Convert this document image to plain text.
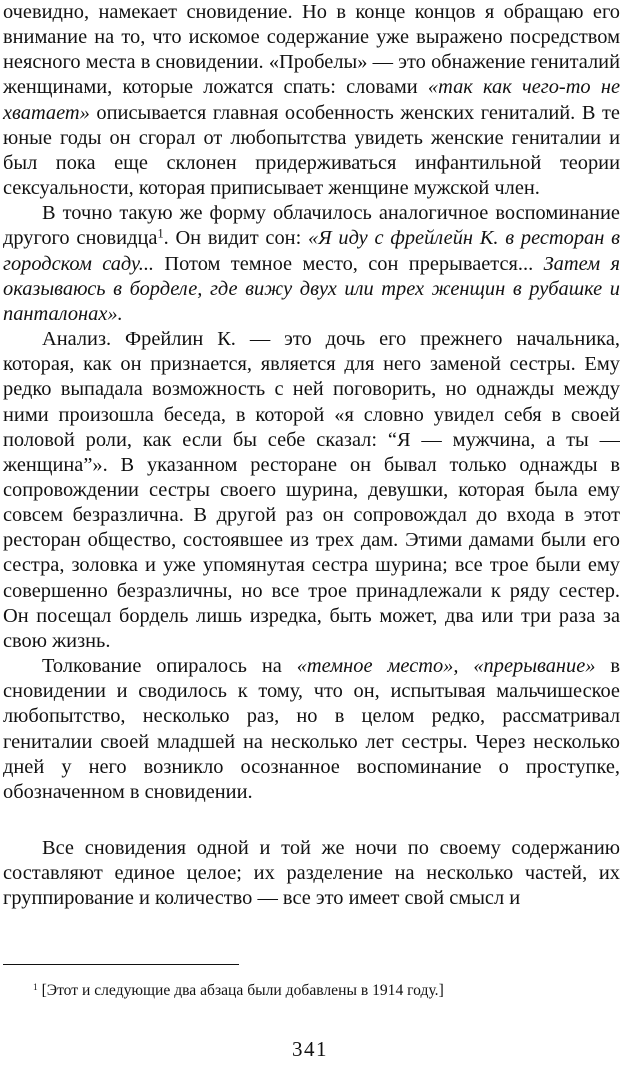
очевидно, намекает сновидение. Но в конце концов я обращаю его внимание на то, что искомое содержание уже выражено посредством неясного места в сновидении. «Пробелы» — это обнажение гениталий женщинами, которые ложатся спать: словами «так как чего-то не хватает» описывается главная особенность женских гениталий. В те юные годы он сгорал от любопытства увидеть женские гениталии и был пока еще склонен придерживаться инфантильной теории сексуальности, которая приписывает женщине мужской член.

В точно такую же форму облачилось аналогичное воспоминание другого сновидца$^1$. Он видит сон: «Я иду с фрейлейн К. в ресторан в городском саду... Потом темное место, сон прерывается... Затем я оказываюсь в борделе, где вижу двух или трех женщин в рубашке и панталонах».

Анализ. Фрейлин К. — это дочь его прежнего начальника, которая, как он признается, является для него заменой сестры. Ему редко выпадала возможность с ней поговорить, но однажды между ними произошла беседа, в которой «я словно увидел себя в своей половой роли, как если бы себе сказал: “Я — мужчина, а ты — женщина”». В указанном ресторане он бывал только однажды в сопровождении сестры своего шурина, девушки, которая была ему совсем безразлична. В другой раз он сопровождал до входа в этот ресторан общество, состоявшее из трех дам. Этими дамами были его сестра, золовка и уже упомянутая сестра шурина; все трое были ему совершенно безразличны, но все трое принадлежали к ряду сестер. Он посещал бордель лишь изредка, быть может, два или три раза за свою жизнь.

Толкование опиралось на «темное место», «прерывание» в сновидении и сводилось к тому, что он, испытывая мальчишеское любопытство, несколько раз, но в целом редко, рассматривал гениталии своей младшей на несколько лет сестры. Через несколько дней у него возникло осознанное воспоминание о проступке, обозначенном в сновидении.

Все сновидения одной и той же ночи по своему содержанию составляют единое целое; их разделение на несколько частей, их группирование и количество — все это имеет свой смысл и

$^1$ [Этот и следующие два абзаца были добавлены в 1914 году.]
341
